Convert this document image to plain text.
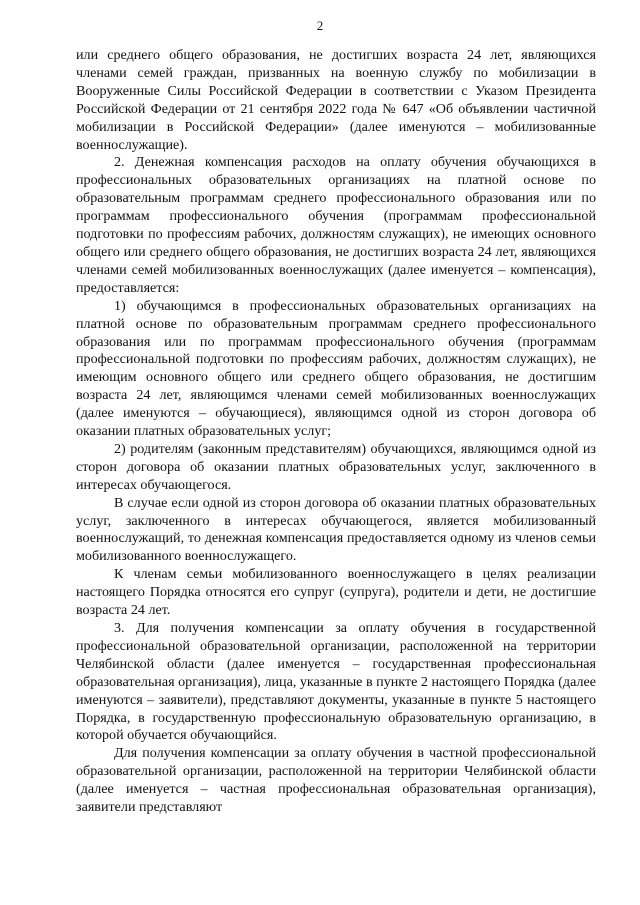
2

или среднего общего образования, не достигших возраста 24 лет, являющихся членами семей граждан, призванных на военную службу по мобилизации в Вооруженные Силы Российской Федерации в соответствии с Указом Президента Российской Федерации от 21 сентября 2022 года № 647 «Об объявлении частичной мобилизации в Российской Федерации» (далее именуются – мобилизованные военнослужащие).

2. Денежная компенсация расходов на оплату обучения обучающихся в профессиональных образовательных организациях на платной основе по образовательным программам среднего профессионального образования или по программам профессионального обучения (программам профессиональной подготовки по профессиям рабочих, должностям служащих), не имеющих основного общего или среднего общего образования, не достигших возраста 24 лет, являющихся членами семей мобилизованных военнослужащих (далее именуется – компенсация), предоставляется:

1) обучающимся в профессиональных образовательных организациях на платной основе по образовательным программам среднего профессионального образования или по программам профессионального обучения (программам профессиональной подготовки по профессиям рабочих, должностям служащих), не имеющим основного общего или среднего общего образования, не достигшим возраста 24 лет, являющимся членами семей мобилизованных военнослужащих (далее именуются – обучающиеся), являющимся одной из сторон договора об оказании платных образовательных услуг;

2) родителям (законным представителям) обучающихся, являющимся одной из сторон договора об оказании платных образовательных услуг, заключенного в интересах обучающегося.

В случае если одной из сторон договора об оказании платных образовательных услуг, заключенного в интересах обучающегося, является мобилизованный военнослужащий, то денежная компенсация предоставляется одному из членов семьи мобилизованного военнослужащего.

К членам семьи мобилизованного военнослужащего в целях реализации настоящего Порядка относятся его супруг (супруга), родители и дети, не достигшие возраста 24 лет.

3. Для получения компенсации за оплату обучения в государственной профессиональной образовательной организации, расположенной на территории Челябинской области (далее именуется – государственная профессиональная образовательная организация), лица, указанные в пункте 2 настоящего Порядка (далее именуются – заявители), представляют документы, указанные в пункте 5 настоящего Порядка, в государственную профессиональную образовательную организацию, в которой обучается обучающийся.

Для получения компенсации за оплату обучения в частной профессиональной образовательной организации, расположенной на территории Челябинской области (далее именуется – частная профессиональная образовательная организация), заявители представляют
